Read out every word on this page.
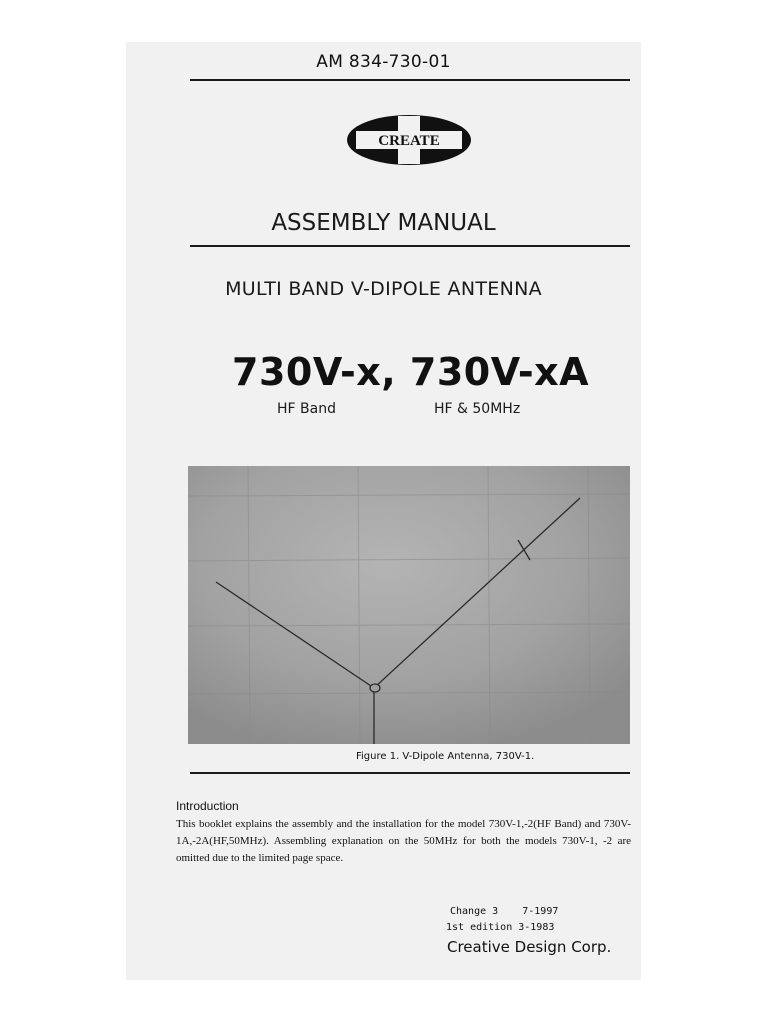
AM 834-730-01
CREATE
ASSEMBLY MANUAL
MULTI BAND V-DIPOLE ANTENNA
730V-x, 730V-xA
HF Band	HF & 50MHz
Figure 1. V-Dipole Antenna, 730V-1.
Introduction
This booklet explains the assembly and the installation for the model 730V-1,-2(HF Band) and 730V-1A,-2A(HF,50MHz). Assembling explanation on the 50MHz for both the models 730V-1, -2 are omitted due to the limited page space.
Change 3    7-1997
1st edition 3-1983
Creative Design Corp.
